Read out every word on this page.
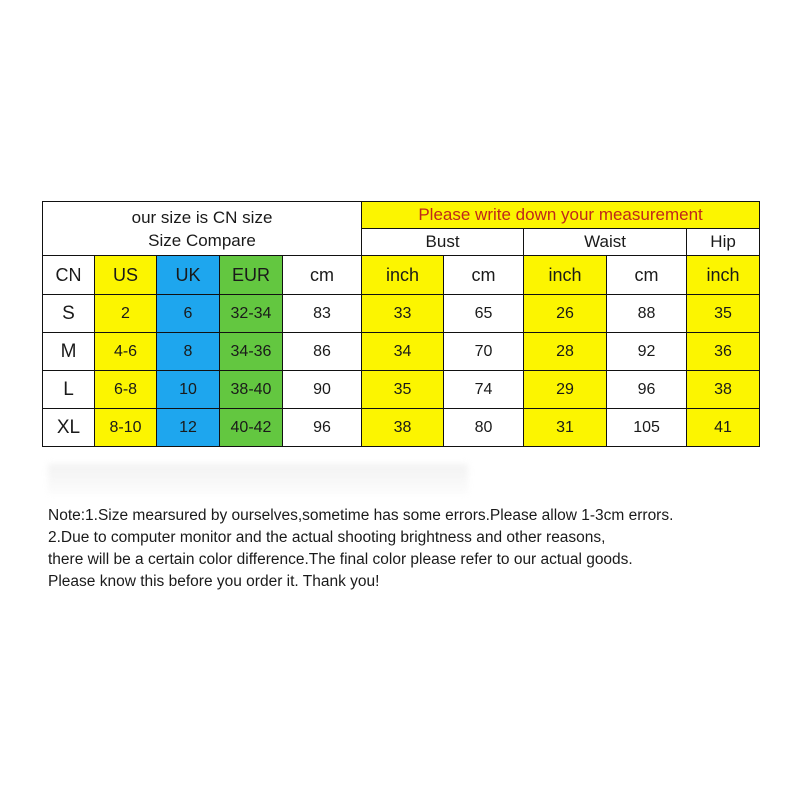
our size is CN size
Size Compare					Please write down your measurement				
					Bust		Waist		Hip
CN	US	UK	EUR	cm	inch	cm	inch	cm	inch
S	2	6	32-34	83	33	65	26	88	35
M	4-6	8	34-36	86	34	70	28	92	36
L	6-8	10	38-40	90	35	74	29	96	38
XL	8-10	12	40-42	96	38	80	31	105	41
Note:1.Size mearsured by ourselves,sometime has some errors.Please allow 1-3cm errors.
2.Due to computer monitor and the actual shooting brightness and other reasons,
there will be a certain color difference.The final color please refer to our actual goods.
Please know this before you order it. Thank you!
